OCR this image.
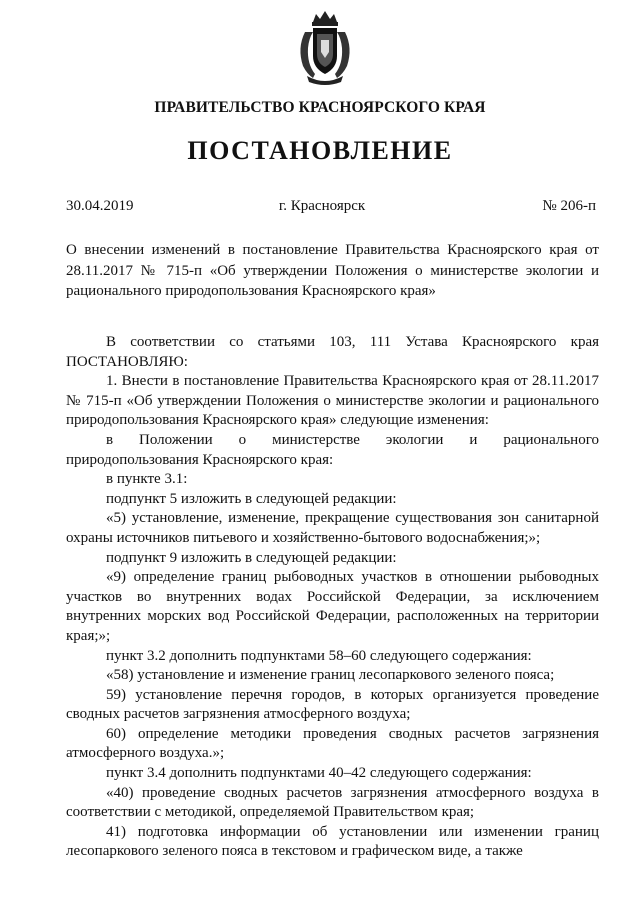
ПРАВИТЕЛЬСТВО КРАСНОЯРСКОГО КРАЯ
ПОСТАНОВЛЕНИЕ
30.04.2019	г. Красноярск	№ 206-п
О внесении изменений в постановление Правительства Красноярского края от 28.11.2017 № 715-п «Об утверждении Положения о министерстве экологии и рационального природопользования Красноярского края»

В соответствии со статьями 103, 111 Устава Красноярского края ПОСТАНОВЛЯЮ:

1. Внести в постановление Правительства Красноярского края от 28.11.2017 № 715-п «Об утверждении Положения о министерстве экологии и рационального природопользования Красноярского края» следующие изменения:

в Положении о министерстве экологии и рационального природопользования Красноярского края:

в пункте 3.1:

подпункт 5 изложить в следующей редакции:

«5) установление, изменение, прекращение существования зон санитарной охраны источников питьевого и хозяйственно-бытового водоснабжения;»;

подпункт 9 изложить в следующей редакции:

«9) определение границ рыбоводных участков в отношении рыбоводных участков во внутренних водах Российской Федерации, за исключением внутренних морских вод Российской Федерации, расположенных на территории края;»;

пункт 3.2 дополнить подпунктами 58–60 следующего содержания:

«58) установление и изменение границ лесопаркового зеленого пояса;

59) установление перечня городов, в которых организуется проведение сводных расчетов загрязнения атмосферного воздуха;

60) определение методики проведения сводных расчетов загрязнения атмосферного воздуха.»;

пункт 3.4 дополнить подпунктами 40–42 следующего содержания:

«40) проведение сводных расчетов загрязнения атмосферного воздуха в соответствии с методикой, определяемой Правительством края;

41) подготовка информации об установлении или изменении границ лесопаркового зеленого пояса в текстовом и графическом виде, а также
